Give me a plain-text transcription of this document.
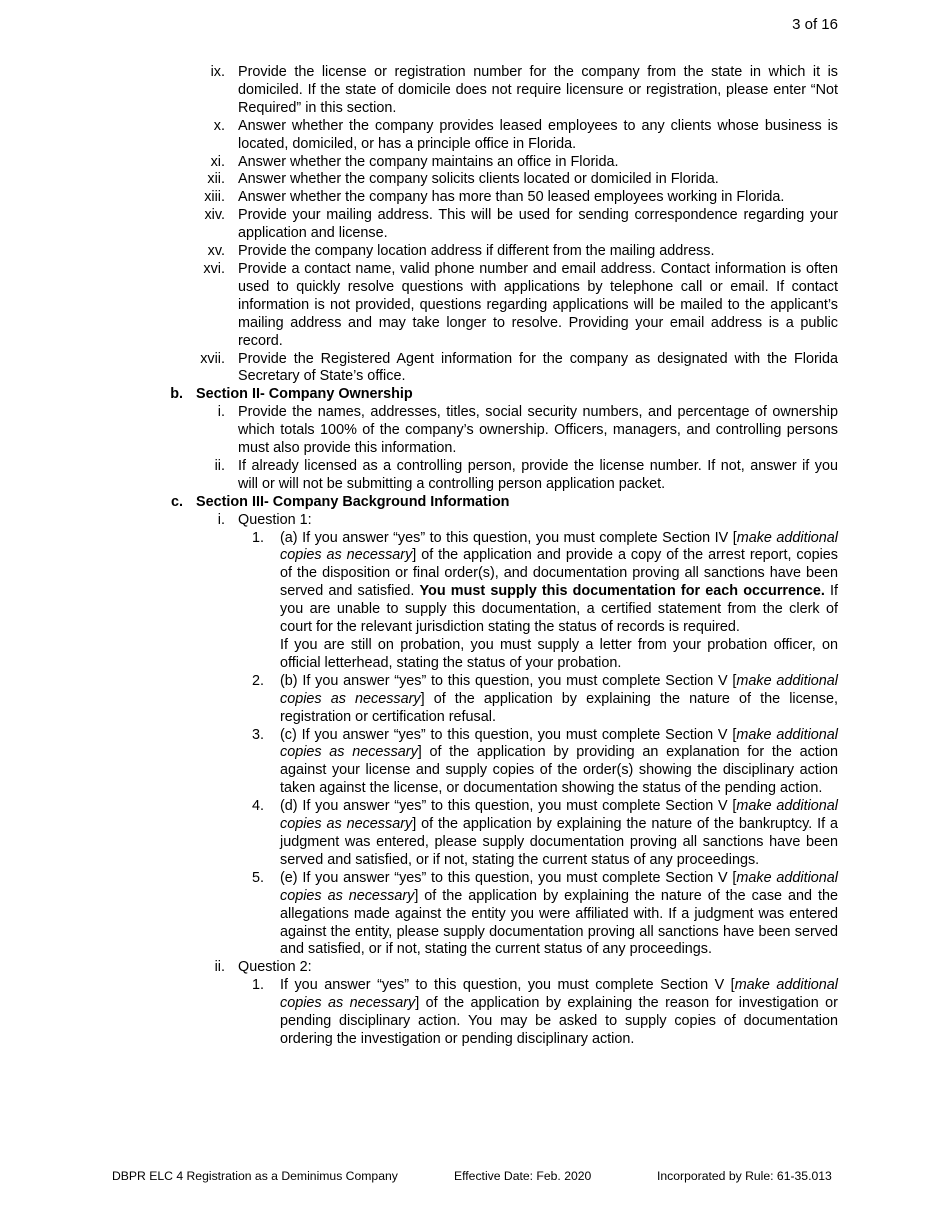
3 of 16
ix. Provide the license or registration number for the company from the state in which it is domiciled. If the state of domicile does not require licensure or registration, please enter “Not Required” in this section.
x. Answer whether the company provides leased employees to any clients whose business is located, domiciled, or has a principle office in Florida.
xi. Answer whether the company maintains an office in Florida.
xii. Answer whether the company solicits clients located or domiciled in Florida.
xiii. Answer whether the company has more than 50 leased employees working in Florida.
xiv. Provide your mailing address. This will be used for sending correspondence regarding your application and license.
xv. Provide the company location address if different from the mailing address.
xvi. Provide a contact name, valid phone number and email address. Contact information is often used to quickly resolve questions with applications by telephone call or email. If contact information is not provided, questions regarding applications will be mailed to the applicant’s mailing address and may take longer to resolve. Providing your email address is a public record.
xvii. Provide the Registered Agent information for the company as designated with the Florida Secretary of State’s office.
b. Section II- Company Ownership
i. Provide the names, addresses, titles, social security numbers, and percentage of ownership which totals 100% of the company’s ownership. Officers, managers, and controlling persons must also provide this information.
ii. If already licensed as a controlling person, provide the license number. If not, answer if you will or will not be submitting a controlling person application packet.
c. Section III- Company Background Information
i. Question 1:
1. (a) If you answer “yes” to this question, you must complete Section IV [make additional copies as necessary] of the application and provide a copy of the arrest report, copies of the disposition or final order(s), and documentation proving all sanctions have been served and satisfied. You must supply this documentation for each occurrence. If you are unable to supply this documentation, a certified statement from the clerk of court for the relevant jurisdiction stating the status of records is required.
If you are still on probation, you must supply a letter from your probation officer, on official letterhead, stating the status of your probation.
2. (b) If you answer “yes” to this question, you must complete Section V [make additional copies as necessary] of the application by explaining the nature of the license, registration or certification refusal.
3. (c) If you answer “yes” to this question, you must complete Section V [make additional copies as necessary] of the application by providing an explanation for the action against your license and supply copies of the order(s) showing the disciplinary action taken against the license, or documentation showing the status of the pending action.
4. (d) If you answer “yes” to this question, you must complete Section V [make additional copies as necessary] of the application by explaining the nature of the bankruptcy. If a judgment was entered, please supply documentation proving all sanctions have been served and satisfied, or if not, stating the current status of any proceedings.
5. (e) If you answer “yes” to this question, you must complete Section V [make additional copies as necessary] of the application by explaining the nature of the case and the allegations made against the entity you were affiliated with. If a judgment was entered against the entity, please supply documentation proving all sanctions have been served and satisfied, or if not, stating the current status of any proceedings.
ii. Question 2:
1. If you answer “yes” to this question, you must complete Section V [make additional copies as necessary] of the application by explaining the reason for investigation or pending disciplinary action. You may be asked to supply copies of documentation ordering the investigation or pending disciplinary action.
DBPR ELC 4 Registration as a Deminimus Company	Effective Date: Feb. 2020	Incorporated by Rule: 61-35.013
